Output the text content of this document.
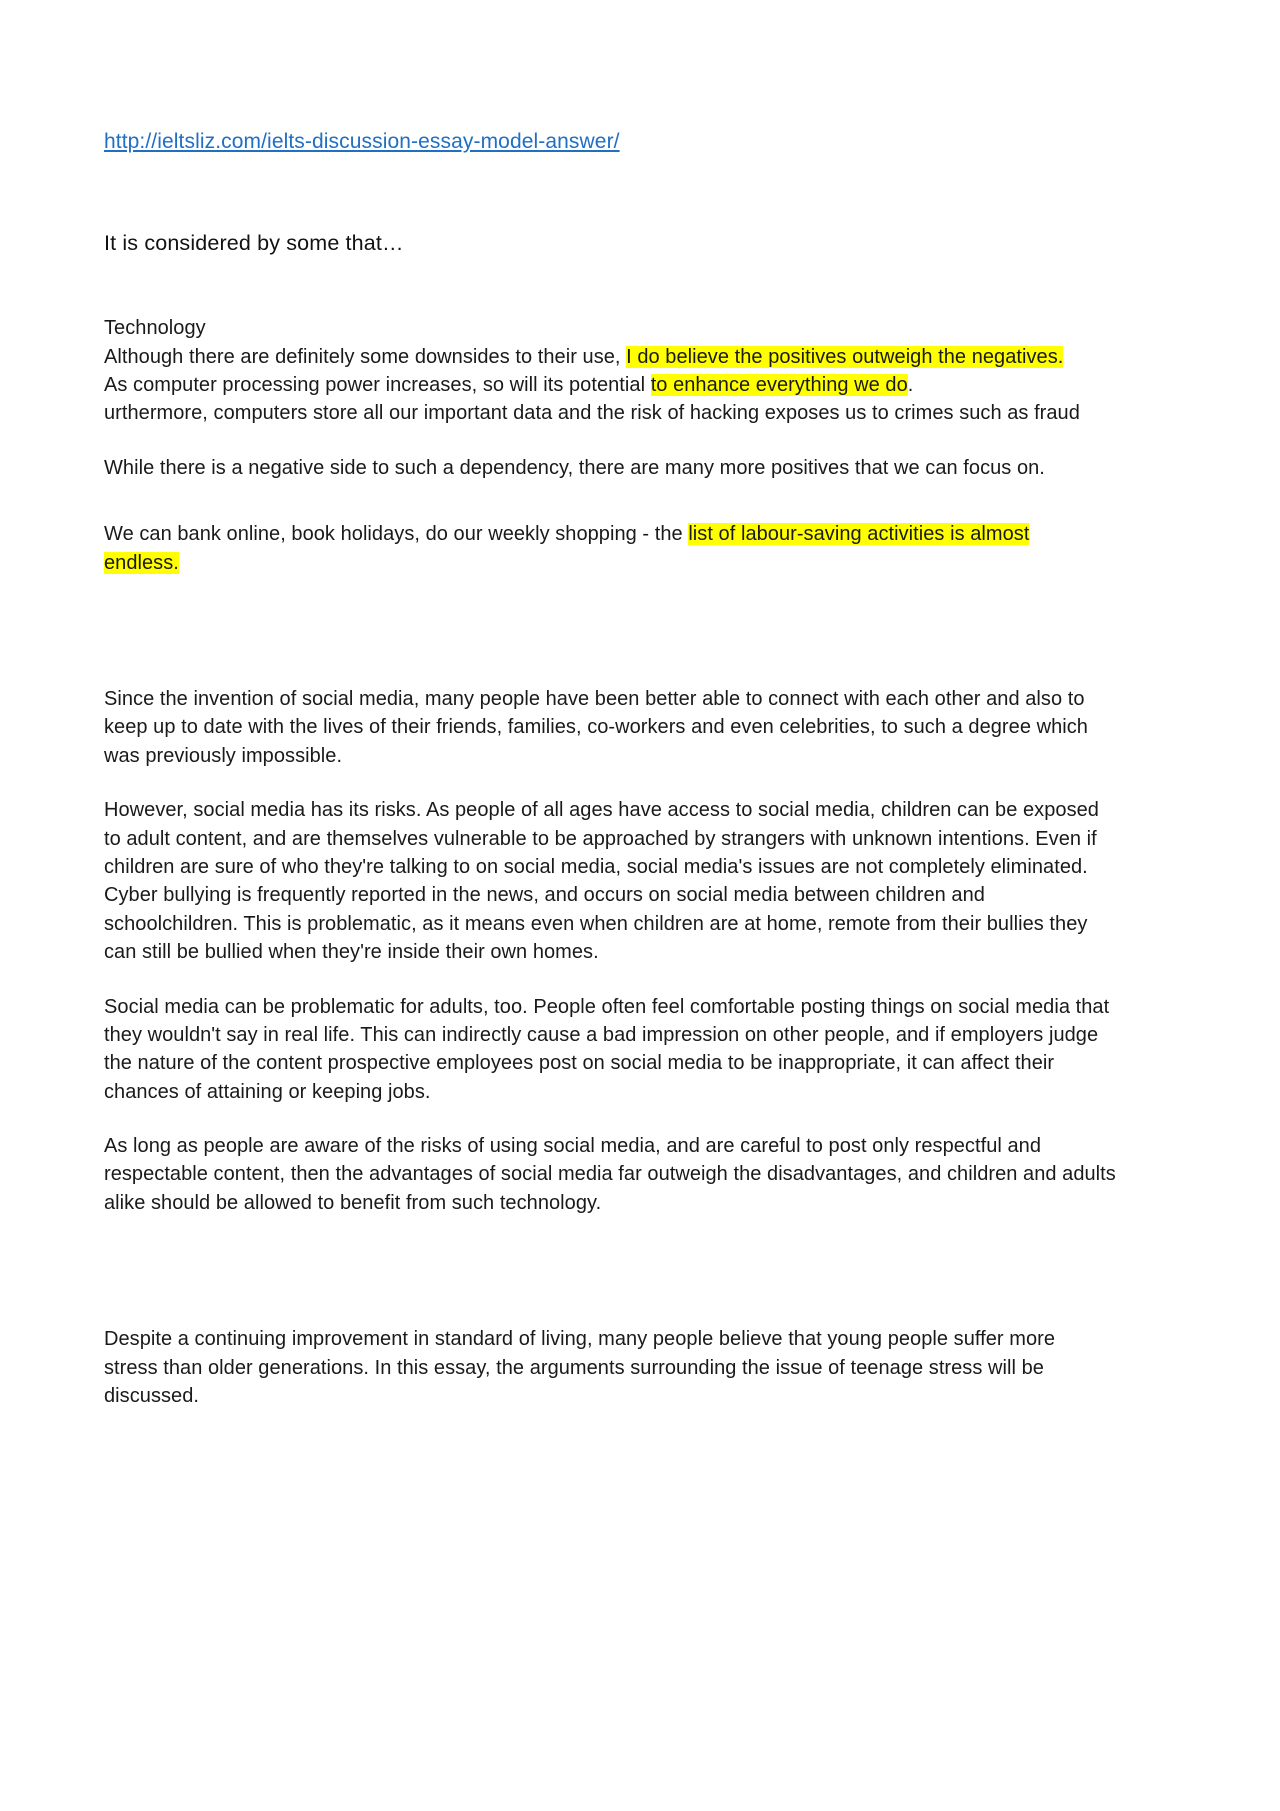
http://ieltsliz.com/ielts-discussion-essay-model-answer/
It is considered by some that…

Technology

Although there are definitely some downsides to their use, I do believe the positives outweigh the negatives.

As computer processing power increases, so will its potential to enhance everything we do.

urthermore, computers store all our important data and the risk of hacking exposes us to crimes such as fraud

While there is a negative side to such a dependency, there are many more positives that we can focus on.

We can bank online, book holidays, do our weekly shopping - the list of labour-saving activities is almost endless.

Since the invention of social media, many people have been better able to connect with each other and also to keep up to date with the lives of their friends, families, co-workers and even celebrities, to such a degree which was previously impossible.

However, social media has its risks. As people of all ages have access to social media, children can be exposed to adult content, and are themselves vulnerable to be approached by strangers with unknown intentions. Even if children are sure of who they're talking to on social media, social media's issues are not completely eliminated. Cyber bullying is frequently reported in the news, and occurs on social media between children and schoolchildren. This is problematic, as it means even when children are at home, remote from their bullies they can still be bullied when they're inside their own homes.

Social media can be problematic for adults, too. People often feel comfortable posting things on social media that they wouldn't say in real life. This can indirectly cause a bad impression on other people, and if employers judge the nature of the content prospective employees post on social media to be inappropriate, it can affect their chances of attaining or keeping jobs.

As long as people are aware of the risks of using social media, and are careful to post only respectful and respectable content, then the advantages of social media far outweigh the disadvantages, and children and adults alike should be allowed to benefit from such technology.

Despite a continuing improvement in standard of living, many people believe that young people suffer more stress than older generations. In this essay, the arguments surrounding the issue of teenage stress will be discussed.
